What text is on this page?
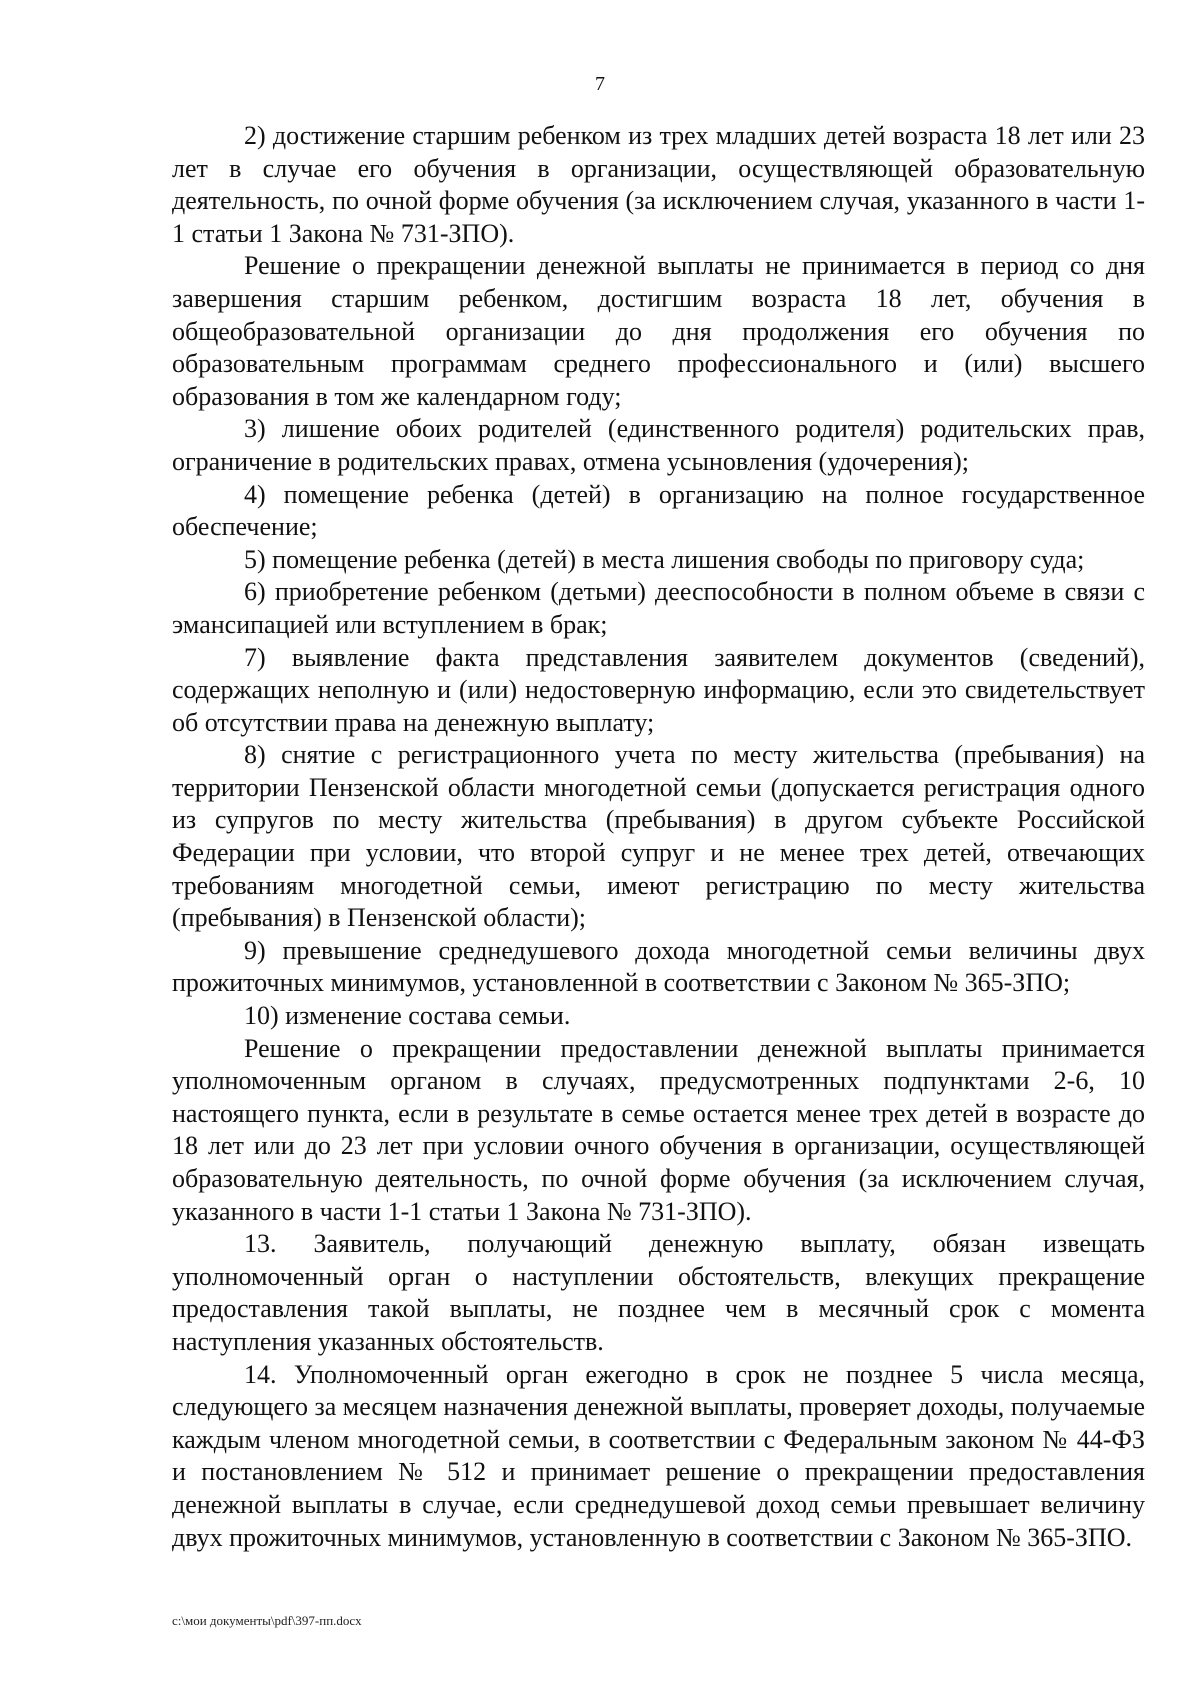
7

2) достижение старшим ребенком из трех младших детей возраста 18 лет или 23 лет в случае его обучения в организации, осуществляющей образовательную деятельность, по очной форме обучения (за исключением случая, указанного в части 1-1 статьи 1 Закона № 731-ЗПО).

Решение о прекращении денежной выплаты не принимается в период со дня завершения старшим ребенком, достигшим возраста 18 лет, обучения в общеобразовательной организации до дня продолжения его обучения по образовательным программам среднего профессионального и (или) высшего образования в том же календарном году;

3) лишение обоих родителей (единственного родителя) родительских прав, ограничение в родительских правах, отмена усыновления (удочерения);

4) помещение ребенка (детей) в организацию на полное государственное обеспечение;

5) помещение ребенка (детей) в места лишения свободы по приговору суда;

6) приобретение ребенком (детьми) дееспособности в полном объеме в связи с эмансипацией или вступлением в брак;

7) выявление факта представления заявителем документов (сведений), содержащих неполную и (или) недостоверную информацию, если это свидетельствует об отсутствии права на денежную выплату;

8) снятие с регистрационного учета по месту жительства (пребывания) на территории Пензенской области многодетной семьи (допускается регистрация одного из супругов по месту жительства (пребывания) в другом субъекте Российской Федерации при условии, что второй супруг и не менее трех детей, отвечающих требованиям многодетной семьи, имеют регистрацию по месту жительства (пребывания) в Пензенской области);

9) превышение среднедушевого дохода многодетной семьи величины двух прожиточных минимумов, установленной в соответствии с Законом № 365-ЗПО;

10) изменение состава семьи.

Решение о прекращении предоставлении денежной выплаты принимается уполномоченным органом в случаях, предусмотренных подпунктами 2-6, 10 настоящего пункта, если в результате в семье остается менее трех детей в возрасте до 18 лет или до 23 лет при условии очного обучения в организации, осуществляющей образовательную деятельность, по очной форме обучения (за исключением случая, указанного в части 1-1 статьи 1 Закона № 731-ЗПО).

13. Заявитель, получающий денежную выплату, обязан извещать уполномоченный орган о наступлении обстоятельств, влекущих прекращение предоставления такой выплаты, не позднее чем в месячный срок с момента наступления указанных обстоятельств.

14. Уполномоченный орган ежегодно в срок не позднее 5 числа месяца, следующего за месяцем назначения денежной выплаты, проверяет доходы, получаемые каждым членом многодетной семьи, в соответствии с Федеральным законом № 44-ФЗ и постановлением № 512 и принимает решение о прекращении предоставления денежной выплаты в случае, если среднедушевой доход семьи превышает величину двух прожиточных минимумов, установленную в соответствии с Законом № 365-ЗПО.

c:\мои документы\pdf\397-пп.docx
